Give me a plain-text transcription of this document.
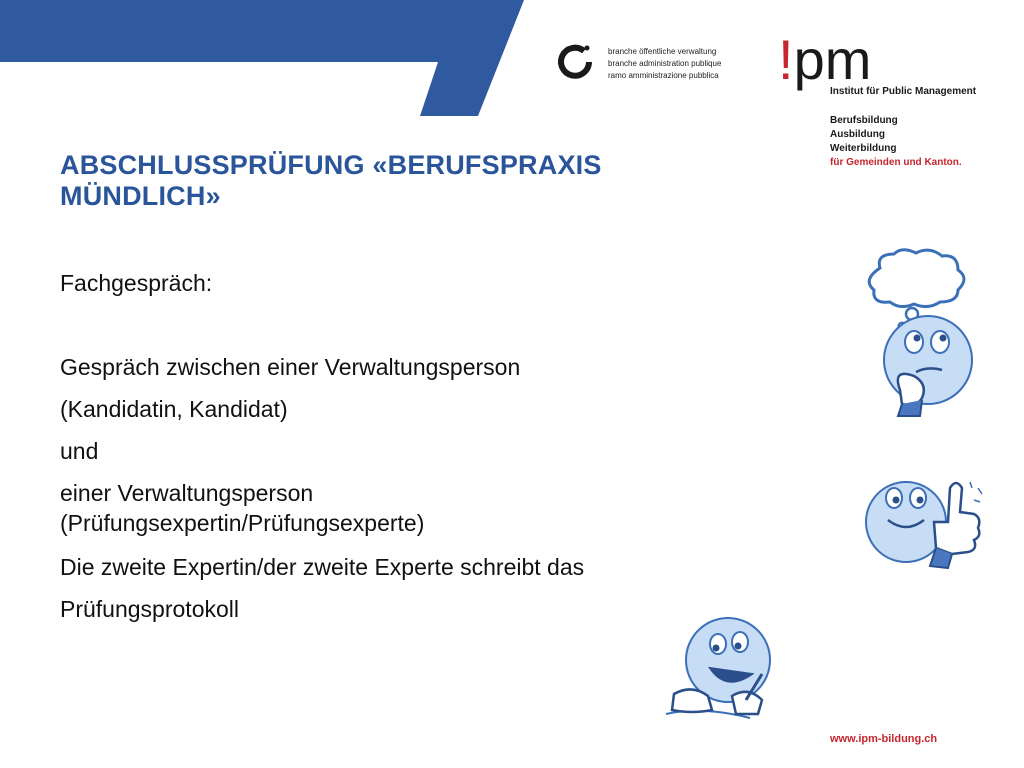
branche öffentliche verwaltung
branche administration publique
ramo amministrazione pubblica !pm
Institut für Public Management
Berufsbildung
Ausbildung
Weiterbildung
für Gemeinden und Kanton.
ABSCHLUSSPRÜFUNG «BERUFSPRAXIS
MÜNDLICH»
Fachgespräch:
Gespräch zwischen einer Verwaltungsperson
(Kandidatin, Kandidat)
und
einer Verwaltungsperson
(Prüfungsexpertin/Prüfungsexperte)
Die zweite Expertin/der zweite Experte schreibt das
Prüfungsprotokoll
www.ipm-bildung.ch
